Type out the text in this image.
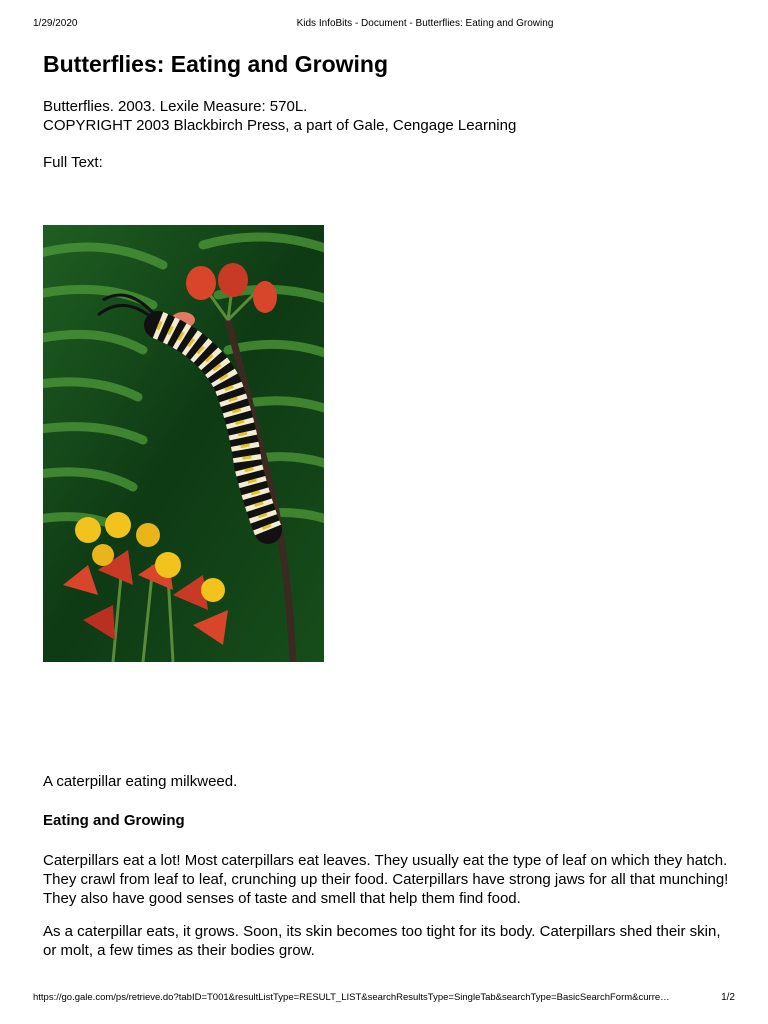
1/29/2020	Kids InfoBits - Document - Butterflies: Eating and Growing
Butterflies: Eating and Growing
Butterflies. 2003. Lexile Measure: 570L.
COPYRIGHT 2003 Blackbirch Press, a part of Gale, Cengage Learning
Full Text:
A caterpillar eating milkweed.
Eating and Growing

Caterpillars eat a lot! Most caterpillars eat leaves. They usually eat the type of leaf on which they hatch. They crawl from leaf to leaf, crunching up their food. Caterpillars have strong jaws for all that munching! They also have good senses of taste and smell that help them find food.

As a caterpillar eats, it grows. Soon, its skin becomes too tight for its body. Caterpillars shed their skin, or molt, a few times as their bodies grow.

https://go.gale.com/ps/retrieve.do?tabID=T001&resultListType=RESULT_LIST&searchResultsType=SingleTab&searchType=BasicSearchForm&curre…	1/2
